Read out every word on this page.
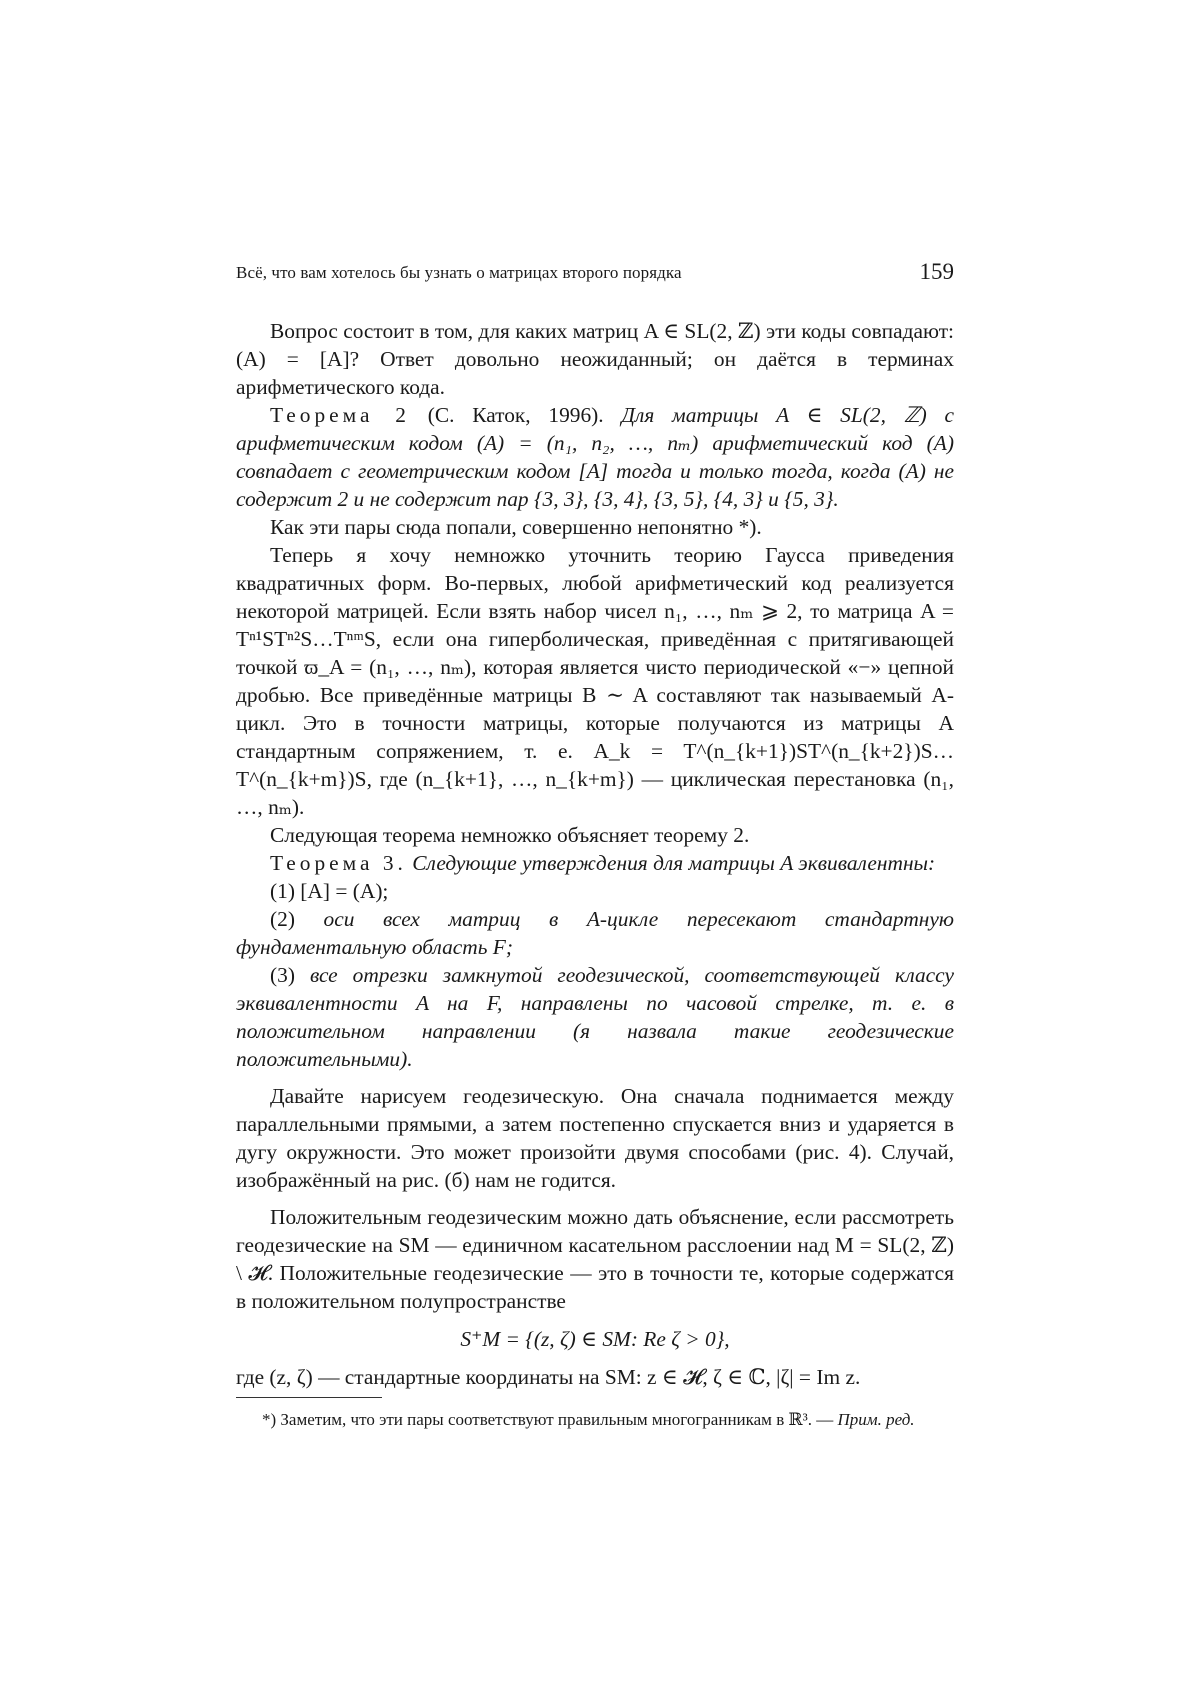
Всё, что вам хотелось бы узнать о матрицах второго порядка	159

Вопрос состоит в том, для каких матриц A ∈ SL(2, ℤ) эти коды совпадают: (A) = [A]? Ответ довольно неожиданный; он даётся в терминах арифметического кода.

Теорема 2 (С. Каток, 1996). Для матрицы A ∈ SL(2, ℤ) с арифметическим кодом (A) = (n₁, n₂, …, nₘ) арифметический код (A) совпадает с геометрическим кодом [A] тогда и только тогда, когда (A) не содержит 2 и не содержит пар {3, 3}, {3, 4}, {3, 5}, {4, 3} и {5, 3}.

Как эти пары сюда попали, совершенно непонятно *).

Теперь я хочу немножко уточнить теорию Гаусса приведения квадратичных форм. Во-первых, любой арифметический код реализуется некоторой матрицей. Если взять набор чисел n₁, …, nₘ ⩾ 2, то матрица A = Tⁿ¹STⁿ²S…TⁿᵐS, если она гиперболическая, приведённая с притягивающей точкой ϖ_A = (n₁, …, nₘ), которая является чисто периодической «−» цепной дробью. Все приведённые матрицы B ∼ A составляют так называемый A-цикл. Это в точности матрицы, которые получаются из матрицы A стандартным сопряжением, т. е. A_k = T^(n_{k+1})ST^(n_{k+2})S…T^(n_{k+m})S, где (n_{k+1}, …, n_{k+m}) — циклическая перестановка (n₁, …, nₘ).

Следующая теорема немножко объясняет теорему 2.

Теорема 3. Следующие утверждения для матрицы A эквивалентны:

(1) [A] = (A);

(2) оси всех матриц в A-цикле пересекают стандартную фундаментальную область F;

(3) все отрезки замкнутой геодезической, соответствующей классу эквивалентности A на F, направлены по часовой стрелке, т. е. в положительном направлении (я назвала такие геодезические положительными).

Давайте нарисуем геодезическую. Она сначала поднимается между параллельными прямыми, а затем постепенно спускается вниз и ударяется в дугу окружности. Это может произойти двумя способами (рис. 4). Случай, изображённый на рис. (б) нам не годится.

Положительным геодезическим можно дать объяснение, если рассмотреть геодезические на SM — единичном касательном расслоении над M = SL(2, ℤ) \ 𝓗. Положительные геодезические — это в точности те, которые содержатся в положительном полупространстве

S⁺M = {(z, ζ) ∈ SM: Re ζ > 0},

где (z, ζ) — стандартные координаты на SM: z ∈ 𝓗, ζ ∈ ℂ, |ζ| = Im z.

*) Заметим, что эти пары соответствуют правильным многогранникам в ℝ³. — Прим. ред.
